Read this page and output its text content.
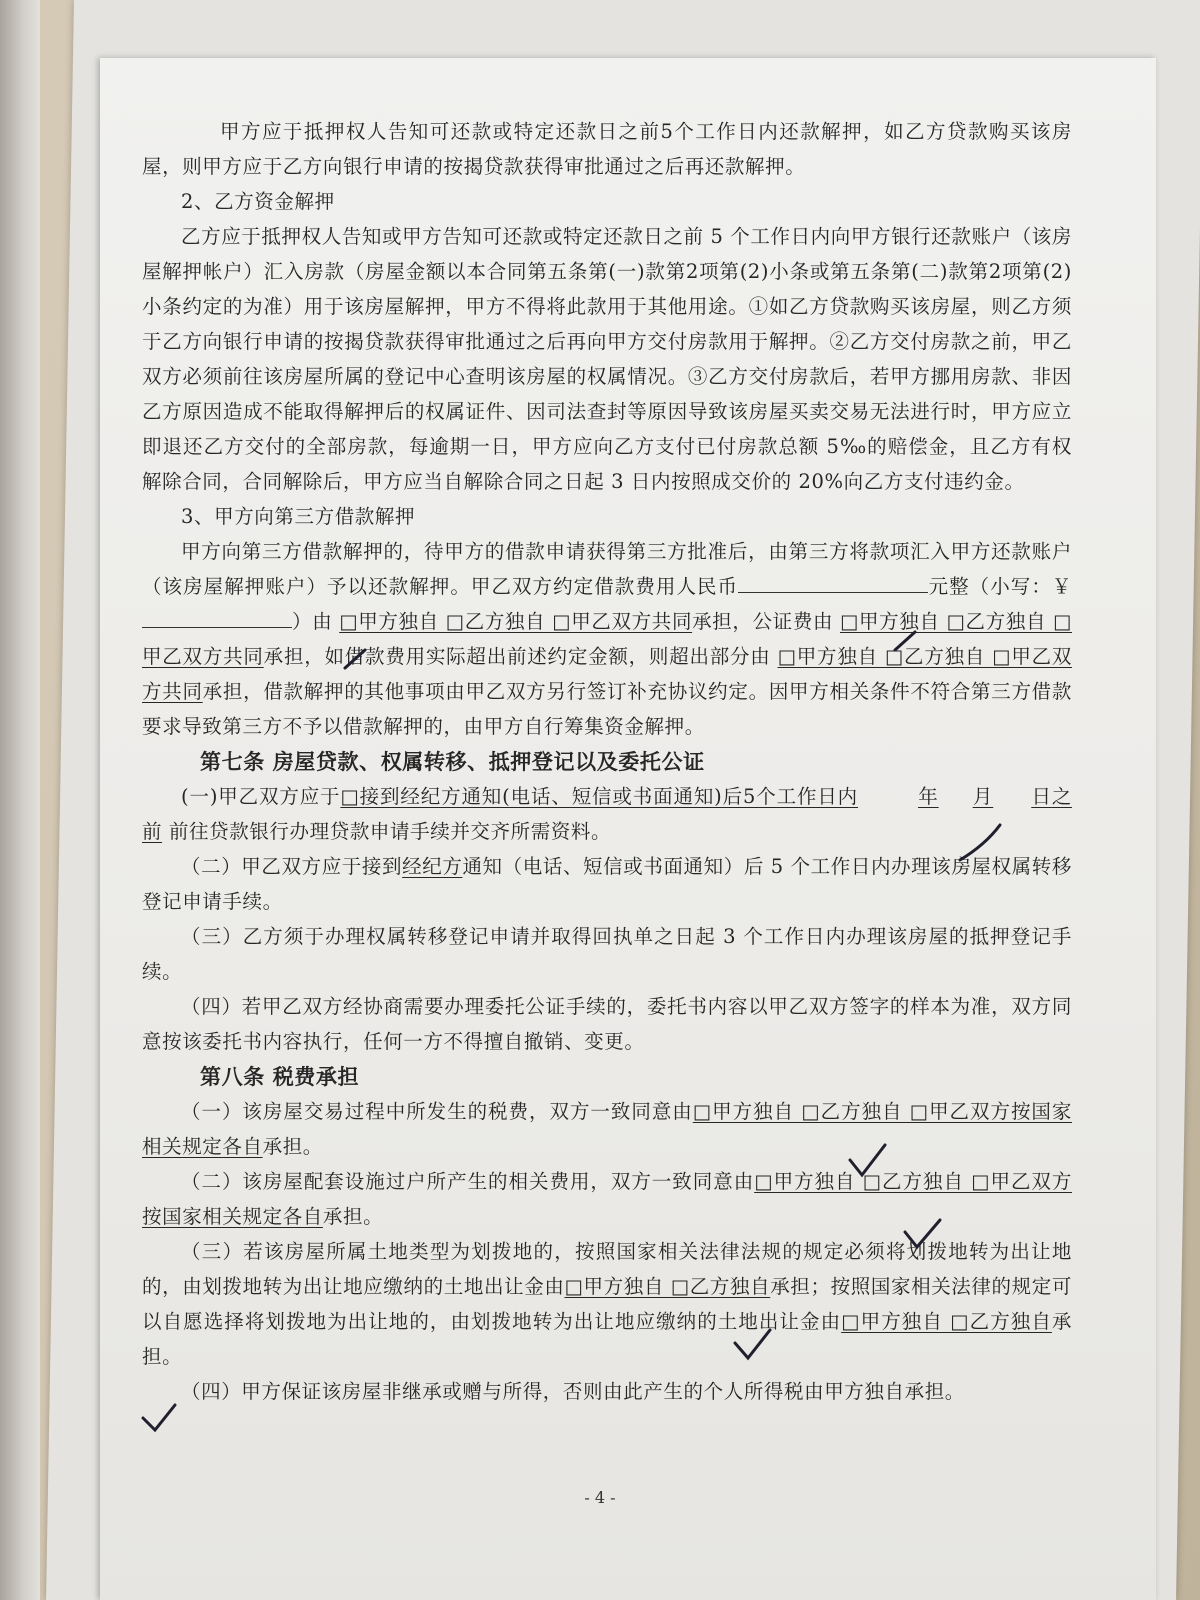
甲方应于抵押权人告知可还款或特定还款日之前5个工作日内还款解押，如乙方贷款购买该房屋，则甲方应于乙方向银行申请的按揭贷款获得审批通过之后再还款解押。

2、乙方资金解押

乙方应于抵押权人告知或甲方告知可还款或特定还款日之前 5 个工作日内向甲方银行还款账户（该房屋解押帐户）汇入房款（房屋金额以本合同第五条第(一)款第2项第(2)小条或第五条第(二)款第2项第(2)小条约定的为准）用于该房屋解押，甲方不得将此款用于其他用途。①如乙方贷款购买该房屋，则乙方须于乙方向银行申请的按揭贷款获得审批通过之后再向甲方交付房款用于解押。②乙方交付房款之前，甲乙双方必须前往该房屋所属的登记中心查明该房屋的权属情况。③乙方交付房款后，若甲方挪用房款、非因乙方原因造成不能取得解押后的权属证件、因司法查封等原因导致该房屋买卖交易无法进行时，甲方应立即退还乙方交付的全部房款，每逾期一日，甲方应向乙方支付已付房款总额 5‰的赔偿金，且乙方有权解除合同，合同解除后，甲方应当自解除合同之日起 3 日内按照成交价的 20%向乙方支付违约金。

3、甲方向第三方借款解押

甲方向第三方借款解押的，待甲方的借款申请获得第三方批准后，由第三方将款项汇入甲方还款账户（该房屋解押账户）予以还款解押。甲乙双方约定借款费用人民币	元整（小写：￥）由 □甲方独自 □乙方独自 □甲乙双方共同承担，公证费由 □甲方独自 □乙方独自 □甲乙双方共同承担，如借款费用实际超出前述约定金额，则超出部分由 □甲方独自 □乙方独自 □甲乙双方共同承担，借款解押的其他事项由甲乙双方另行签订补充协议约定。因甲方相关条件不符合第三方借款要求导致第三方不予以借款解押的，由甲方自行筹集资金解押。

第七条 房屋贷款、权属转移、抵押登记以及委托公证

(一)甲乙双方应于□接到经纪方通知(电话、短信或书面通知)后5个工作日内	年 月 日之前 前往贷款银行办理贷款申请手续并交齐所需资料。

（二）甲乙双方应于接到经纪方通知（电话、短信或书面通知）后 5 个工作日内办理该房屋权属转移登记申请手续。

（三）乙方须于办理权属转移登记申请并取得回执单之日起 3 个工作日内办理该房屋的抵押登记手续。

（四）若甲乙双方经协商需要办理委托公证手续的，委托书内容以甲乙双方签字的样本为准，双方同意按该委托书内容执行，任何一方不得擅自撤销、变更。

第八条 税费承担

（一）该房屋交易过程中所发生的税费，双方一致同意由□甲方独自 □乙方独自 □甲乙双方按国家相关规定各自承担。

（二）该房屋配套设施过户所产生的相关费用，双方一致同意由□甲方独自 □乙方独自 □甲乙双方按国家相关规定各自承担。

（三）若该房屋所属土地类型为划拨地的，按照国家相关法律法规的规定必须将划拨地转为出让地的，由划拨地转为出让地应缴纳的土地出让金由□甲方独自 □乙方独自承担；按照国家相关法律的规定可以自愿选择将划拨地为出让地的，由划拨地转为出让地应缴纳的土地出让金由□甲方独自 □乙方独自承担。

（四）甲方保证该房屋非继承或赠与所得，否则由此产生的个人所得税由甲方独自承担。

- 4 -
